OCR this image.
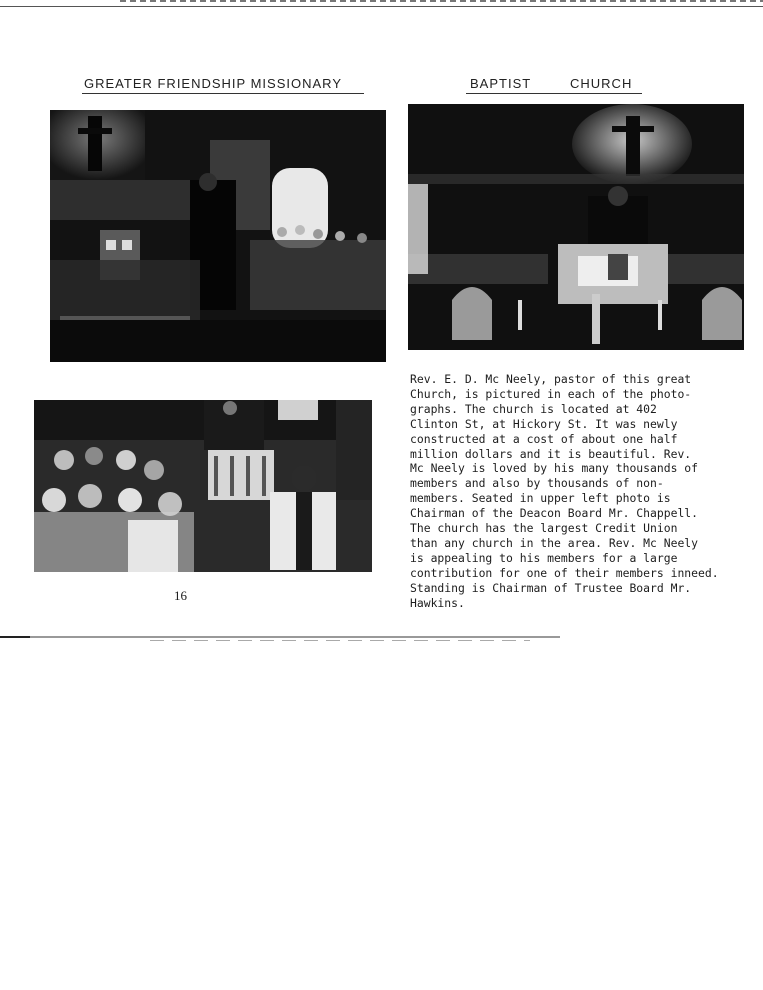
GREATER FRIENDSHIP MISSIONARY	BAPTIST	CHURCH
Rev. E. D. Mc Neely, pastor of this great
Church, is pictured in each of the photo-
graphs. The church is located at 402
Clinton St, at Hickory St. It was newly
constructed at a cost of about one half
million dollars and it is beautiful. Rev.
Mc Neely is loved by his many thousands of
members and also by thousands of non-
members. Seated in upper left photo is
Chairman of the Deacon Board Mr. Chappell.
The church has the largest Credit Union
than any church in the area. Rev. Mc Neely
is appealing to his members for a large
contribution for one of their members inneed.
Standing is Chairman of Trustee Board Mr.
Hawkins.
16
